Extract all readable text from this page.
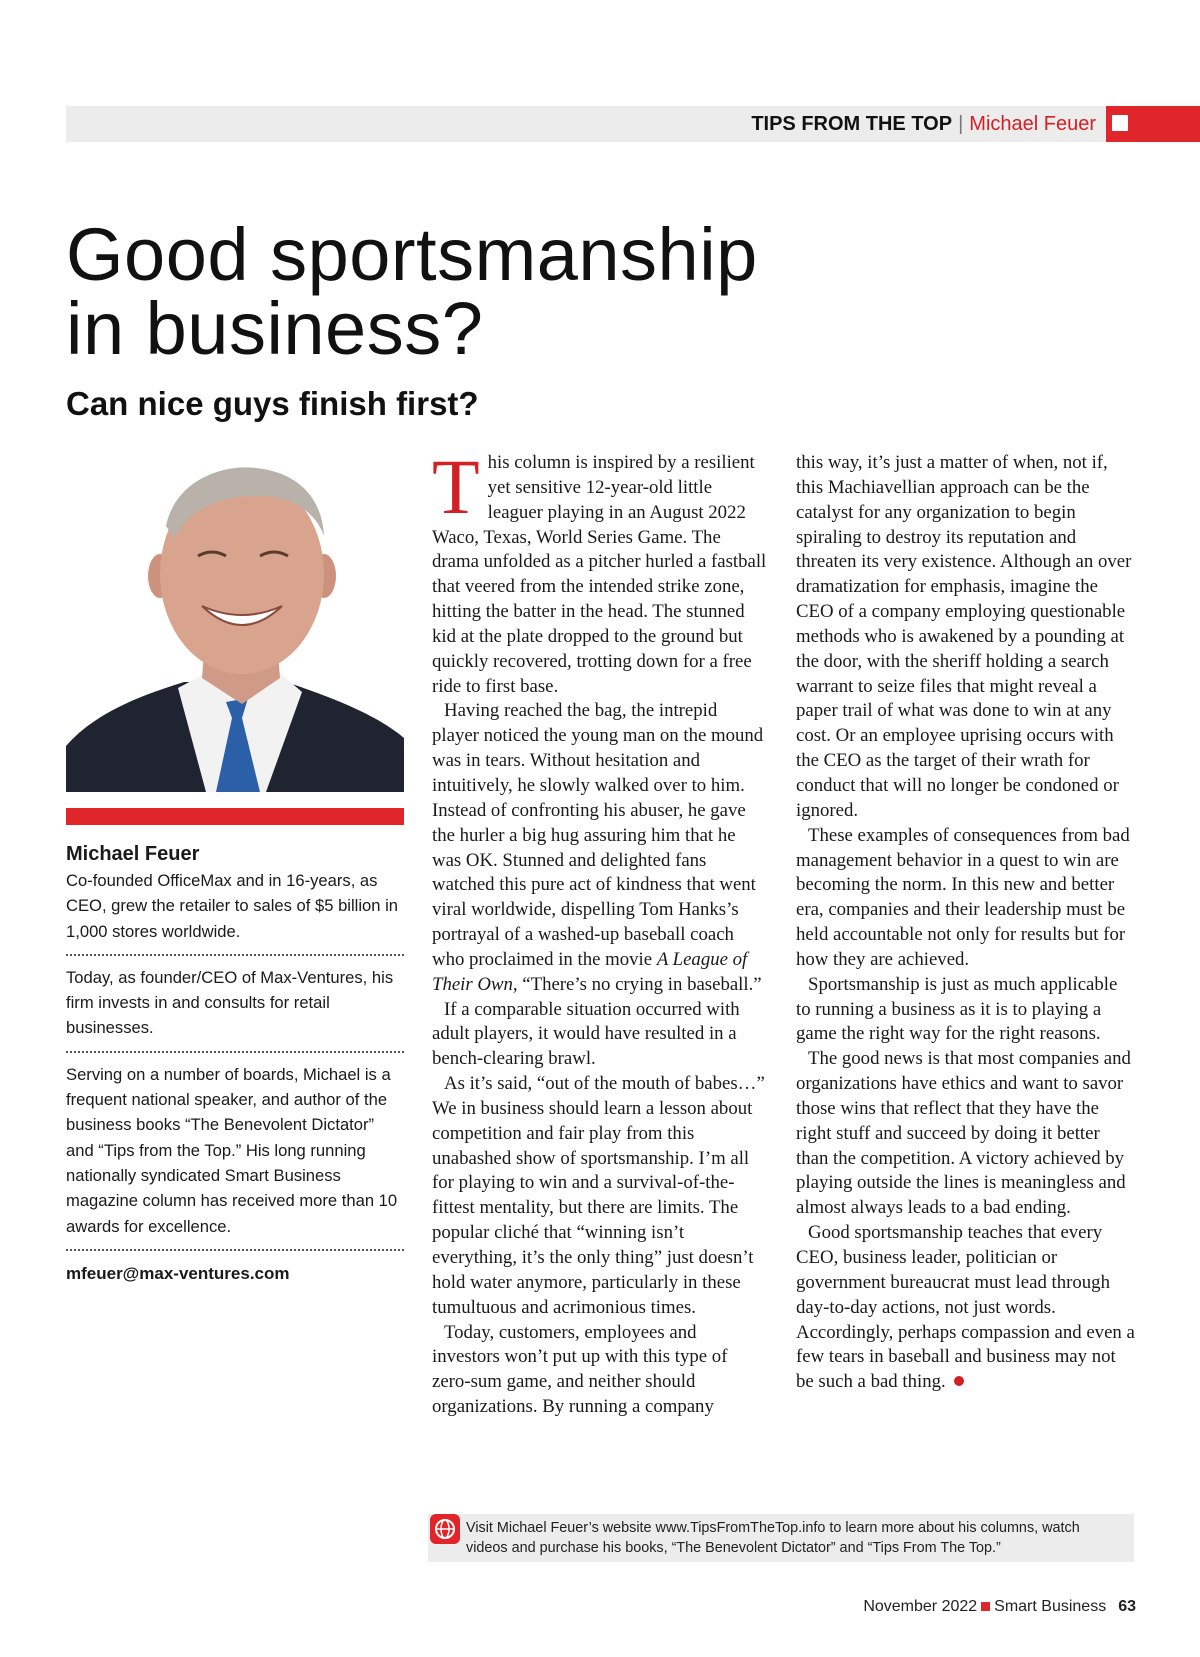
TIPS FROM THE TOP | Michael Feuer
Good sportsmanship
in business?
Can nice guys finish first?
Michael Feuer

Co-founded OfficeMax and in 16-years, as CEO, grew the retailer to sales of $5 billion in 1,000 stores worldwide.

Today, as founder/CEO of Max-Ventures, his firm invests in and consults for retail businesses.

Serving on a number of boards, Michael is a frequent national speaker, and author of the business books “The Benevolent Dictator” and “Tips from the Top.” His long running nationally syndicated Smart Business magazine column has received more than 10 awards for excellence.

mfeuer@max-ventures.com

This column is inspired by a resilient yet sensitive 12-year-old little leaguer playing in an August 2022 Waco, Texas, World Series Game. The drama unfolded as a pitcher hurled a fastball that veered from the intended strike zone, hitting the batter in the head. The stunned kid at the plate dropped to the ground but quickly recovered, trotting down for a free ride to first base.

Having reached the bag, the intrepid player noticed the young man on the mound was in tears. Without hesitation and intuitively, he slowly walked over to him. Instead of confronting his abuser, he gave the hurler a big hug assuring him that he was OK. Stunned and delighted fans watched this pure act of kindness that went viral worldwide, dispelling Tom Hanks’s portrayal of a washed-up baseball coach who proclaimed in the movie A League of Their Own, “There’s no crying in baseball.”

If a comparable situation occurred with adult players, it would have resulted in a bench-clearing brawl.

As it’s said, “out of the mouth of babes…” We in business should learn a lesson about competition and fair play from this unabashed show of sportsmanship. I’m all for playing to win and a survival-of-the-fittest mentality, but there are limits. The popular cliché that “winning isn’t everything, it’s the only thing” just doesn’t hold water anymore, particularly in these tumultuous and acrimonious times.

Today, customers, employees and investors won’t put up with this type of zero-sum game, and neither should organizations. By running a company

this way, it’s just a matter of when, not if, this Machiavellian approach can be the catalyst for any organization to begin spiraling to destroy its reputation and threaten its very existence. Although an over dramatization for emphasis, imagine the CEO of a company employing questionable methods who is awakened by a pounding at the door, with the sheriff holding a search warrant to seize files that might reveal a paper trail of what was done to win at any cost. Or an employee uprising occurs with the CEO as the target of their wrath for conduct that will no longer be condoned or ignored.

These examples of consequences from bad management behavior in a quest to win are becoming the norm. In this new and better era, companies and their leadership must be held accountable not only for results but for how they are achieved.

Sportsmanship is just as much applicable to running a business as it is to playing a game the right way for the right reasons.

The good news is that most companies and organizations have ethics and want to savor those wins that reflect that they have the right stuff and succeed by doing it better than the competition. A victory achieved by playing outside the lines is meaningless and almost always leads to a bad ending.

Good sportsmanship teaches that every CEO, business leader, politician or government bureaucrat must lead through day-to-day actions, not just words. Accordingly, perhaps compassion and even a few tears in baseball and business may not be such a bad thing.

Visit Michael Feuer’s website www.TipsFromTheTop.info to learn more about his columns, watch videos and purchase his books, “The Benevolent Dictator” and “Tips From The Top.”
November 2022 Smart Business 63
